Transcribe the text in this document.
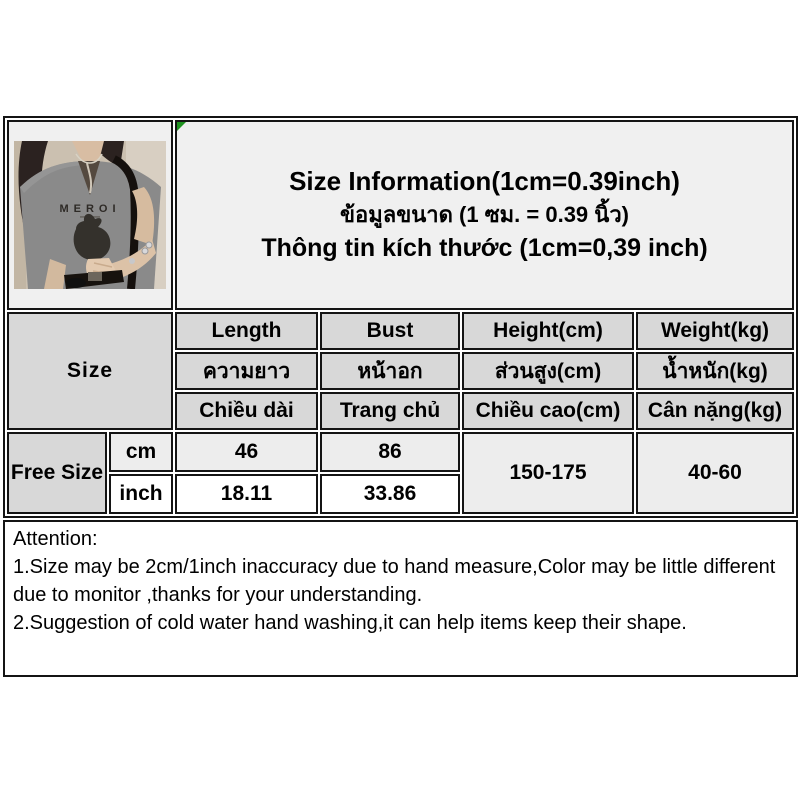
MEROI		Size Information(1cm=0.39inch)
ข้อมูลขนาด (1 ซม. = 0.39 นิ้ว)
Thông tin kích thước (1cm=0,39 inch)			

Size		Length	Bust	Height(cm)	Weight(kg)
		ความยาว	หน้าอก	ส่วนสูง(cm)	น้ำหนัก(kg)
		Chiều dài	Trang chủ	Chiều cao(cm)	Cân nặng(kg)
Free Size	cm	46	86	150-175	40-60
	inch	18.11	33.86		
Attention:
1.Size may be 2cm/1inch inaccuracy due to hand measure,Color may be little different due to monitor ,thanks for your understanding.
2.Suggestion of cold water hand washing,it can help items keep their shape.
